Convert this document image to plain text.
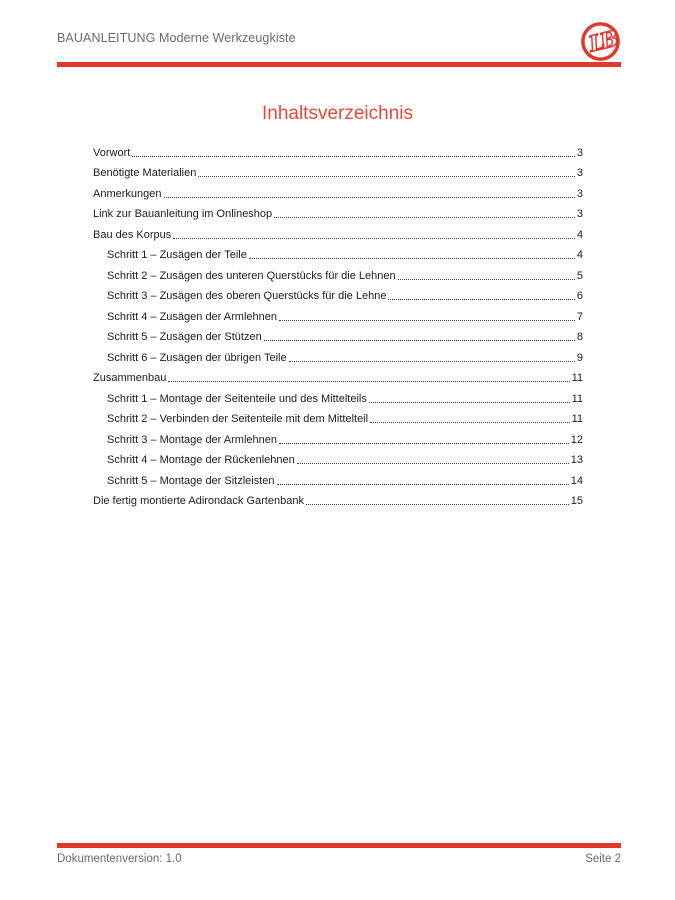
BAUANLEITUNG Moderne Werkzeugkiste	LB
Inhaltsverzeichnis
Vorwort	3
Benötigte Materialien	3
Anmerkungen	3
Link zur Bauanleitung im Onlineshop	3
Bau des Korpus	4
Schritt 1 – Zusägen der Teile	4
Schritt 2 – Zusägen des unteren Querstücks für die Lehnen	5
Schritt 3 – Zusägen des oberen Querstücks für die Lehne	6
Schritt 4 – Zusägen der Armlehnen	7
Schritt 5 – Zusägen der Stützen	8
Schritt 6 – Zusägen der übrigen Teile	9
Zusammenbau	11
Schritt 1 – Montage der Seitenteile und des Mittelteils	11
Schritt 2 – Verbinden der Seitenteile mit dem Mittelteil	11
Schritt 3 – Montage der Armlehnen	12
Schritt 4 – Montage der Rückenlehnen	13
Schritt 5 – Montage der Sitzleisten	14
Die fertig montierte Adirondack Gartenbank	15
Dokumentenversion: 1.0	Seite 2
